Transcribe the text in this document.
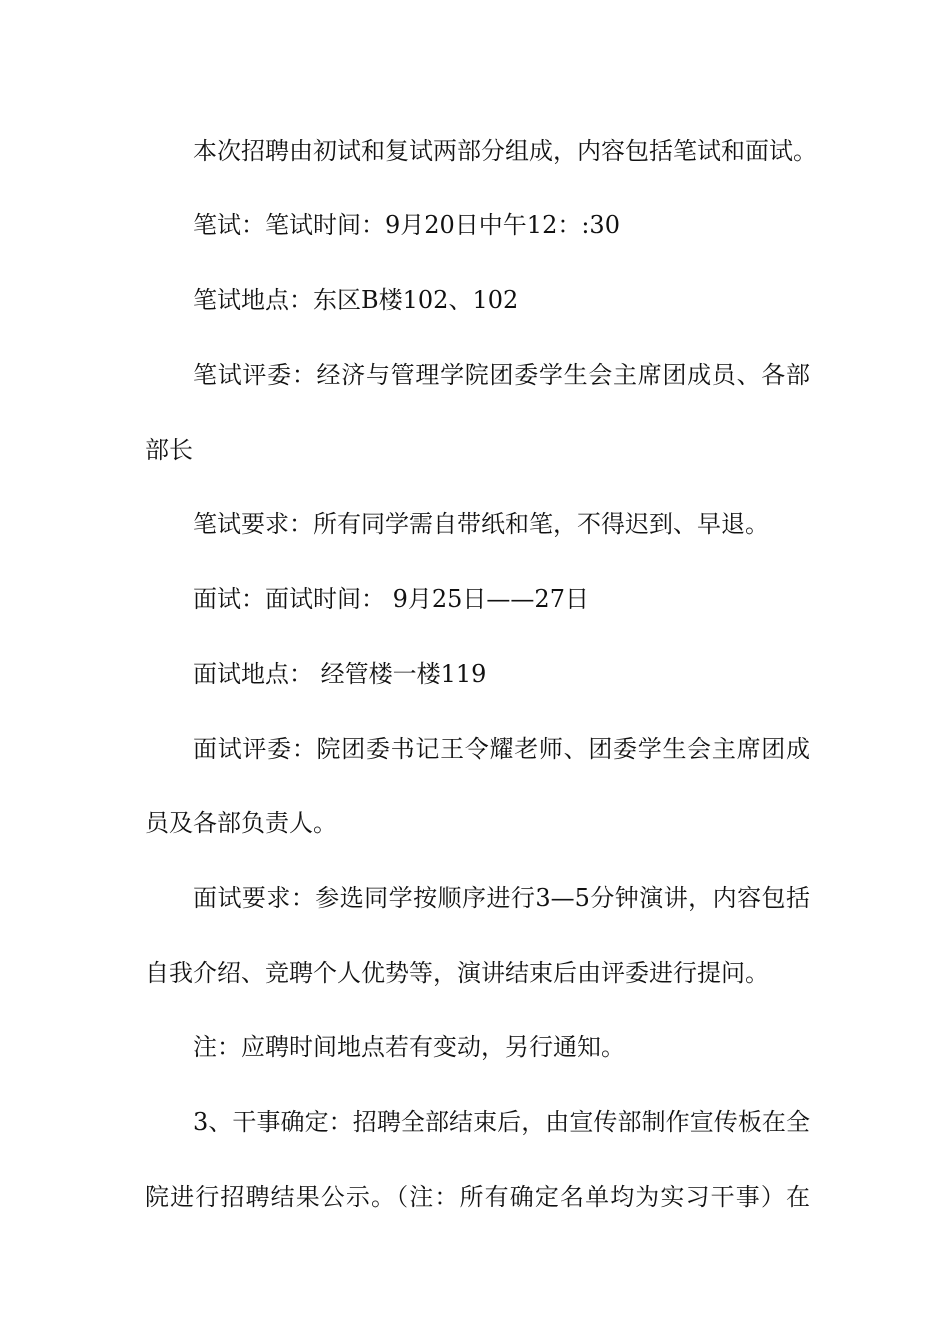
本次招聘由初试和复试两部分组成，内容包括笔试和面试。
笔试：笔试时间：9月20日中午12：:30
笔试地点：东区B楼102、102
笔试评委：经济与管理学院团委学生会主席团成员、各部
部长
笔试要求：所有同学需自带纸和笔，不得迟到、早退。
面试：面试时间： 9月25日——27日
面试地点： 经管楼一楼119
面试评委：院团委书记王令耀老师、团委学生会主席团成
员及各部负责人。
面试要求：参选同学按顺序进行3—5分钟演讲，内容包括
自我介绍、竞聘个人优势等，演讲结束后由评委进行提问。
注：应聘时间地点若有变动，另行通知。
3、干事确定：招聘全部结束后，由宣传部制作宣传板在全
院进行招聘结果公示。（注：所有确定名单均为实习干事）在
